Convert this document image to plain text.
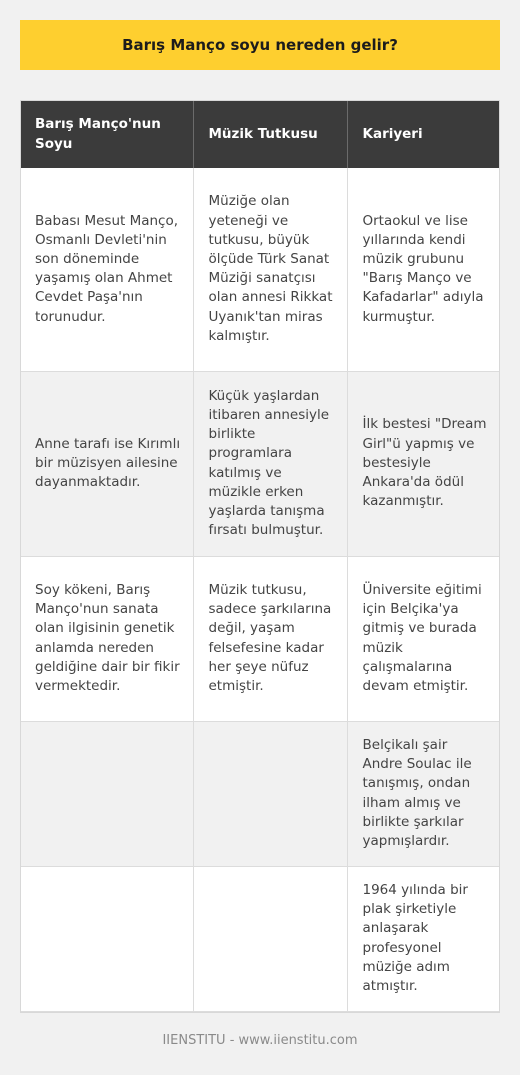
Barış Manço soyu nereden gelir?
Barış Manço'nun Soyu	Müzik Tutkusu	Kariyeri
Babası Mesut Manço, Osmanlı Devleti'nin son döneminde yaşamış olan Ahmet Cevdet Paşa'nın torunudur.	Müziğe olan yeteneği ve tutkusu, büyük ölçüde Türk Sanat Müziği sanatçısı olan annesi Rikkat Uyanık'tan miras kalmıştır.	Ortaokul ve lise yıllarında kendi müzik grubunu "Barış Manço ve Kafadarlar" adıyla kurmuştur.
Anne tarafı ise Kırımlı bir müzisyen ailesine dayanmaktadır.	Küçük yaşlardan itibaren annesiyle birlikte programlara katılmış ve müzikle erken yaşlarda tanışma fırsatı bulmuştur.	İlk bestesi "Dream Girl"ü yapmış ve bestesiyle Ankara'da ödül kazanmıştır.
Soy kökeni, Barış Manço'nun sanata olan ilgisinin genetik anlamda nereden geldiğine dair bir fikir vermektedir.	Müzik tutkusu, sadece şarkılarına değil, yaşam felsefesine kadar her şeye nüfuz etmiştir.	Üniversite eğitimi için Belçika'ya gitmiş ve burada müzik çalışmalarına devam etmiştir.
		Belçikalı şair Andre Soulac ile tanışmış, ondan ilham almış ve birlikte şarkılar yapmışlardır.
		1964 yılında bir plak şirketiyle anlaşarak profesyonel müziğe adım atmıştır.
IIENSTITU - www.iienstitu.com
